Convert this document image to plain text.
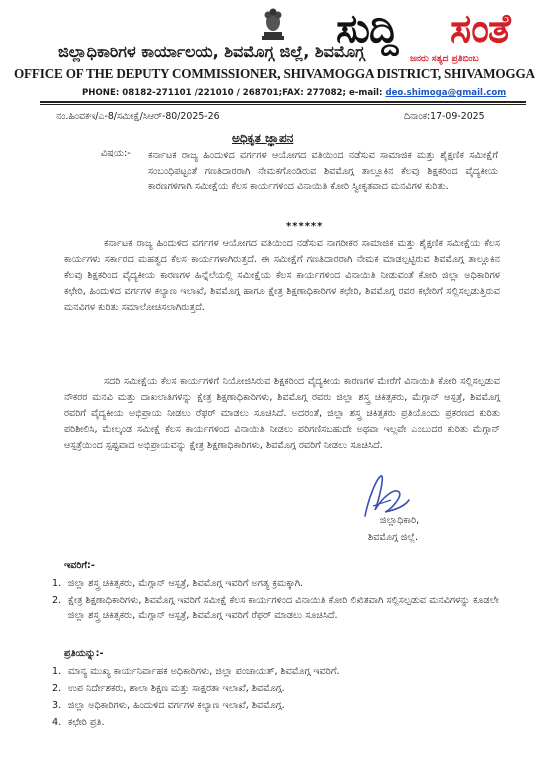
ಸುದ್ದಿ ಸಂತೆ
ಜನರು ಸತ್ಯದ ಪ್ರತಿಬಿಂಬ
ಜಿಲ್ಲಾಧಿಕಾರಿಗಳ ಕಾರ್ಯಾಲಯ, ಶಿವಮೊಗ್ಗ ಜಿಲ್ಲೆ, ಶಿವಮೊಗ್ಗ
OFFICE OF THE DEPUTY COMMISSIONER, SHIVAMOGGA DISTRICT, SHIVAMOGGA
PHONE: 08182-271101 /221010 / 268701;FAX: 277082; e-mail: deo.shimoga@gmail.com
ನಂ.ಹಿಂವಕಇ/ಎ-8/ಸಮೀಕ್ಷೆ/ಸಿಆರ್-80/2025-26	ದಿನಾಂಕ:17-09-2025
ಅಧಿಕೃತ ಜ್ಞಾಪನ
ವಿಷಯ:- ಕರ್ನಾಟಕ ರಾಜ್ಯ ಹಿಂದುಳಿದ ವರ್ಗಗಳ ಆಯೋಗದ ವತಿಯಿಂದ ನಡೆಸುವ ಸಾಮಾಜಿಕ ಮತ್ತು ಶೈಕ್ಷಣಿಕ ಸಮೀಕ್ಷೆಗೆ ಸಂಬಂಧಿಪಟ್ಟಂತೆ ಗಣತಿದಾರರಾಗಿ ನೇಮಕಗೊಂಡಿರುವ ಶಿವಮೊಗ್ಗ ತಾಲ್ಲೂಕಿನ ಕೆಲವು ಶಿಕ್ಷಕರಿಂದ ವೈದ್ಯಕೀಯ ಕಾರಣಗಳಿಗಾಗಿ ಸಮೀಕ್ಷೆಯ ಕೆಲಸ ಕಾರ್ಯಗಳಿಂದ ವಿನಾಯಿತಿ ಕೋರಿ ಸ್ವೀಕೃತವಾದ ಮನವಿಗಳ ಕುರಿತು.
******
ಕರ್ನಾಟಕ ರಾಜ್ಯ ಹಿಂದುಳಿದ ವರ್ಗಗಳ ಆಯೋಗದ ವತಿಯಿಂದ ನಡೆಸುವ ನಾಗರೀಕರ ಸಾಮಾಜಿಕ ಮತ್ತು ಶೈಕ್ಷಣಿಕ ಸಮೀಕ್ಷೆಯ ಕೆಲಸ ಕಾರ್ಯಗಳು ಸರ್ಕಾರದ ಮಹತ್ವದ ಕೆಲಸ ಕಾರ್ಯಗಳಾಗಿರುತ್ತದೆ. ಈ ಸಮೀಕ್ಷೆಗೆ ಗಣತಿದಾರರಾಗಿ ನೇಮಕ ಮಾಡಲ್ಪಟ್ಟಿರುವ ಶಿವಮೊಗ್ಗ ತಾಲ್ಲೂಕಿನ ಕೆಲವು ಶಿಕ್ಷಕರಿಂದ ವೈದ್ಯಕೀಯ ಕಾರಣಗಳ ಹಿನ್ನೆಲೆಯಲ್ಲಿ ಸಮೀಕ್ಷೆಯ ಕೆಲಸ ಕಾರ್ಯಗಳಿಂದ ವಿನಾಯಿತಿ ನೀಡುವಂತೆ ಕೋರಿ ಜಿಲ್ಲಾ ಅಧಿಕಾರಿಗಳ ಕಛೇರಿ, ಹಿಂದುಳಿದ ವರ್ಗಗಳ ಕಲ್ಯಾಣ ಇಲಾಖೆ, ಶಿವಮೊಗ್ಗ ಹಾಗೂ ಕ್ಷೇತ್ರ ಶಿಕ್ಷಣಾಧಿಕಾರಿಗಳ ಕಛೇರಿ, ಶಿವಮೊಗ್ಗ ರವರ ಕಛೇರಿಗೆ ಸಲ್ಲಿಸಲ್ಪಡುತ್ತಿರುವ ಮನವಿಗಳ ಕುರಿತು ಸಮಾಲೋಚಿಸಲಾಗಿರುತ್ತದೆ.
ಸದರಿ ಸಮೀಕ್ಷೆಯ ಕೆಲಸ ಕಾರ್ಯಗಳಿಗೆ ನಿಯೋಜಿಸಿರುವ ಶಿಕ್ಷಕರಿಂದ ವೈದ್ಯಕೀಯ ಕಾರಣಗಳ ಮೇರೆಗೆ ವಿನಾಯಿತಿ ಕೋರಿ ಸಲ್ಲಿಸಲ್ಪಡುವ ನೌಕರರ ಮನವಿ ಮತ್ತು ದಾಖಲಾತಿಗಳನ್ನು ಕ್ಷೇತ್ರ ಶಿಕ್ಷಣಾಧಿಕಾರಿಗಳು, ಶಿವಮೊಗ್ಗ ರವರು ಜಿಲ್ಲಾ ಶಸ್ತ್ರ ಚಿಕಿತ್ಸಕರು, ಮೆಗ್ಗಾನ್ ಆಸ್ಪತ್ರೆ, ಶಿವಮೊಗ್ಗ ರವರಿಗೆ ವೈದ್ಯಕೀಯ ಅಭಿಪ್ರಾಯ ನೀಡಲು ರೆಫರ್ ಮಾಡಲು ಸೂಚಿಸಿದೆ. ಅದರಂತೆ, ಜಿಲ್ಲಾ ಶಸ್ತ್ರ ಚಿಕಿತ್ಸಕರು ಪ್ರತಿಯೊಂದು ಪ್ರಕರಣದ ಕುರಿತು ಪರಿಶೀಲಿಸಿ, ಮೇಲ್ಕಂಡ ಸಮೀಕ್ಷೆ ಕೆಲಸ ಕಾರ್ಯಗಳಿಂದ ವಿನಾಯಿತಿ ನೀಡಲು ಪರಿಗಣಿಸಬಹುದೇ ಅಥವಾ ಇಲ್ಲವೇ ಎಂಬುದರ ಕುರಿತು ಮೆಗ್ಗಾನ್ ಆಸ್ಪತ್ರೆಯಿಂದ ಸ್ಪಷ್ಟವಾದ ಅಭಿಪ್ರಾಯವನ್ನು ಕ್ಷೇತ್ರ ಶಿಕ್ಷಣಾಧಿಕಾರಿಗಳು, ಶಿವಮೊಗ್ಗ ರವರಿಗೆ ನೀಡಲು ಸೂಚಿಸಿದೆ.
ಜಿಲ್ಲಾಧಿಕಾರಿ,
ಶಿವಮೊಗ್ಗ ಜಿಲ್ಲೆ.
ಇವರಿಗೆ:-
1. ಜಿಲ್ಲಾ ಶಸ್ತ್ರ ಚಿಕಿತ್ಸಕರು, ಮೆಗ್ಗಾನ್ ಆಸ್ಪತ್ರೆ, ಶಿವಮೊಗ್ಗ ಇವರಿಗೆ ಅಗತ್ಯ ಕ್ರಮಕ್ಕಾಗಿ.
2. ಕ್ಷೇತ್ರ ಶಿಕ್ಷಣಾಧಿಕಾರಿಗಳು, ಶಿವಮೊಗ್ಗ ಇವರಿಗೆ ಸಮೀಕ್ಷೆ ಕೆಲಸ ಕಾರ್ಯಗಳಿಂದ ವಿನಾಯಿತಿ ಕೋರಿ ಲಿಖಿತವಾಗಿ ಸಲ್ಲಿಸಲ್ಪಡುವ ಮನವಿಗಳನ್ನು ಕೂಡಲೇ ಜಿಲ್ಲಾ ಶಸ್ತ್ರ ಚಿಕಿತ್ಸಕರು, ಮೆಗ್ಗಾನ್ ಆಸ್ಪತ್ರೆ, ಶಿವಮೊಗ್ಗ ಇವರಿಗೆ ರೆಫರ್ ಮಾಡಲು ಸೂಚಿಸಿದೆ.
ಪ್ರತಿಯನ್ನು:-
1. ಮಾನ್ಯ ಮುಖ್ಯ ಕಾರ್ಯನಿರ್ವಾಹಕ ಅಧಿಕಾರಿಗಳು, ಜಿಲ್ಲಾ ಪಂಚಾಯತ್, ಶಿವಮೊಗ್ಗ ಇವರಿಗೆ.
2. ಉಪ ನಿರ್ದೇಶಕರು, ಶಾಲಾ ಶಿಕ್ಷಣ ಮತ್ತು ಸಾಕ್ಷರತಾ ಇಲಾಖೆ, ಶಿವಮೊಗ್ಗ.
3. ಜಿಲ್ಲಾ ಅಧಿಕಾರಿಗಳು, ಹಿಂದುಳಿದ ವರ್ಗಗಳ ಕಲ್ಯಾಣ ಇಲಾಖೆ, ಶಿವಮೊಗ್ಗ.
4. ಕಛೇರಿ ಪ್ರತಿ.
